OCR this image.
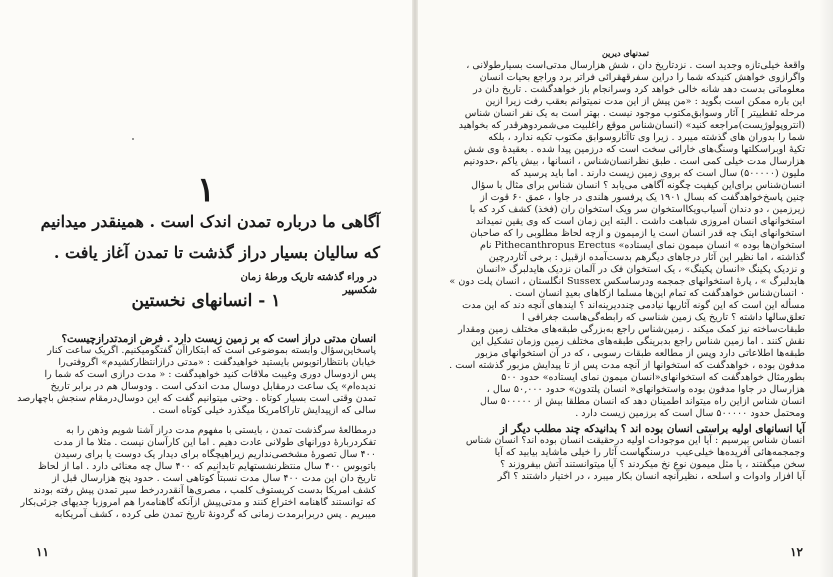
۱
آگاهی ما درباره تمدن اندک است . همینقدر میدانیم
که سالیان بسیار دراز گذشت تا تمدن آغاز یافت .
در ورا‌ء گذشته تاریک ورطهٔ زمان
شکسپیر
۱ - انسانهای نخستین
انسان مدتی دراز است که بر زمین زیست دارد . فرض ازمدتدرازچیست؟
پاسخاین‌سؤال وابسته بموضوعی است که ابتکاراآن گفتگومیکنیم. اگریک ساعت کنار
خیابان بانتظاراتوبوس بایستید خواهیدگفت : «مدتی درازانتظارکشیدم» اگرو‌فتی‌را
پس ازدوسال دوری وغیبت ملاقات کنید خواهیدگفت : « مدت درازی است که شما را
ندیده‌ام» یک ساعت درمقابل دوسال مدت اندکی است . ودوسال هم در برابر تاریخ
تمدن وقتی است بسیار کوتاه . وحتی میتوانیم گفت که این دوسال‌درمقام سنجش باچهارصد
سالی که ازپیدایش تاراکامریکا میگذرد خیلی کوتاه است .
درمطالعهٔ سرگذشت تمدن ، بایستی با مفهوم مدت دراز آشنا شویم وذهن را به
تفکردربارهٔ دورانهای طولانی عادت دهیم . اما این کارآسان نیست . مثلا ما از مدت
۴۰۰ سال تصورهٔ مشخصی‌نداریم زیراهیچگاه برای دیدار یک دوست یا برای رسیدن
باتوبوس ۴۰۰ سال منتظرنشستهایم تابدانیم که ۴۰۰ سال چه معنائی دارد . اما از لحاظ
تاریخ دان این مدت ۴۰۰ سال مدت نسبتاً کوتاهی است . حدود پنج هزارسال قبل از
کشف امریکا بدست کریستوف کلمب ، مصری‌ها آنقدردرخط سیر تمدن پیش رفته بودند
که توانستند گاهنامه اختراع کنند و مدتی‌پیش ازآنکه گاهنامه‌را هم امروزبا جدیهای جزئی‌بکار
میبریم . پس دربرابرمدت زمانی که گردونهٔ تاریخ تمدن طی کرده ، کشف آمریکابه
۱۱
تمدنهای دیرین
واقعهٔ خیلی‌تازه وجدید است . نزدتاریخ دان ، ‌شش هزارسال مدتی‌است بسیار‌طولانی ،
واگرازوی خواهش کنیدکه شما را درا‌ین سفرقهقرائی فراتر برد وراجع بحیات انسان
معلوماتی بدست دهد شانه خالی خواهد کرد وسرانجام باز خواهدگشت . تاریخ دان در
این باره ممکن است بگوید : «من پیش از این مدت نمیتوانم بعقب رفت زیرا ازین
مرحله ثقطییتر ] آثار وسوابق‌مکتوب موجود نیست . بهتر است به یک نفر انسان شناس
(انتروپولوژیست)مراجعه کنید» (انسان‌شناس موقع راغلبیت می‌شمرد‌وهرقدر که بخواهید
شما را بدوران های گذشته میبرد . زیرا وی تا‌آثاروسوابق مکتوب تکیه ندارد ، بلکه
تکیهٔ اوبراسکلتها وسنگ‌هاى خارائی سخت است که درزمین پیدا شده . بعقیدهٔ وی شش
هزارسال مدت خیلی کمی است . طبق نظر‌انسان‌شناس ، انسانها ، بیش یاکم ،حدودنیم
ملیون (۵۰۰۰۰۰) سال است که بروی زمین زیست دارند . اما باید پرسید که
انسان‌شناس برای‌این کیفیت چگونه آگاهی می‌یابد ؟ انسان شناس برای مثال با سؤال
چنین پاسخ‌خواهدگفت که بسال ۱۹۰۱ یک پرفسور هلندی در جاوا ، عمق ۶۰ قوت از
زیرزمین ، دو دندان آسیاب‌ویکااستخوان سر ویک استخوان ران (فخذ) کشف کرد که با
استخوانهای انسان امروزی شباهت داشت . البته این زمان است که وی یقین نمیداند
استخوانهای اینک چه قدر انسان است یا ازمیمون و ازچه لحاظ مطلوبی را که صاحبان
استخوان‌ها بوده » انسان میمون نمای ایستاده» Pithecanthropus Erectus نام
گذاشته ، اما نظیر این آثار درجاهای دیگرهم بدست‌آمده ازقبیل : برخی آثاردرچین
و نزدیک پکینگ «انسان پکینگ» ، یک استخوان فک در آلمان نزدیک هایدلبرگ «انسان
هایدلبرگ » ، پارهٔ استخوانهای جمجمه ودرساسکس Sussex انگلستان ، انسان پلت دون »
۰ انسان‌شناس خواهدگفت که تمام این‌ها مسلما ازکاهای بعیدِ انسان است .
مسأله این است که این گونه آثاریها نیادمی چنددیرینه‌اند ؟ ایندهای آنچه دند که این مدت
تعلق‌سالها داشته ؟ تاریخ یک زمین شناسی که رابطه‌گی‌هاست جغرافی‌ ا
طبقات‌ساخته نیز کمک میکند . زمین‌شناس راجع به‌بزرگی طبقه‌های مختلف زمین ومقدار
نقش کنند . اما زمین شناس راجع بدبرینگی طبقه‌های مختلف زمین وزمان تشکیل این
طبقه‌ها اطلاعاتی دارد وپس از مطالعه طبقات رسوبی ، که در آن استخوانهای مزبور
مدفون بوده ، خواهدگفت که استخوانها از آنچه مدت پس از تا پیدایش مزبور گذشته است .
بطورمثال خواهدگفت که استخوانهای«انسان میمون نمای ایستاده» حدود ۵۰۰
هزارسال در جاوا مدفون بوده واستخوانهای« انسان پلتدون» حدود ۵۰,۰۰۰ سال ،
انسان شناس ازاین راه میتواند اطمینان دهد که انسان مطلقا بیش از ۵۰۰۰۰۰ سال
ومحتمل حدود ۵۰۰۰۰۰ سال است که برزمین زیست دارد .
آیا انسانهای اولیه براستی انسان بوده اند ؟ بدانیدکه چند مطلب دیگر از
انسان شناس بپرسیم : آیا این موجودات اولیه درحقیقت انسان بوده اند؟ انسان شناس
وجمجمه‌هائی آفریده‌ها خیلی‌عیب ‌‌‌ درسنگهاست آثار را خیلی ماشاید بیابید که آیا
سخن میگفتند ، یا مثل میمون نوع نخ میکردند ؟ آیا میتوانستند آتش بیفروزند ؟
آیا افزار وادوات و اسلحه ، نظیرآنچه انسان بکار میبرد ، در اختیار داشتند ؟ اگر
۱۲
